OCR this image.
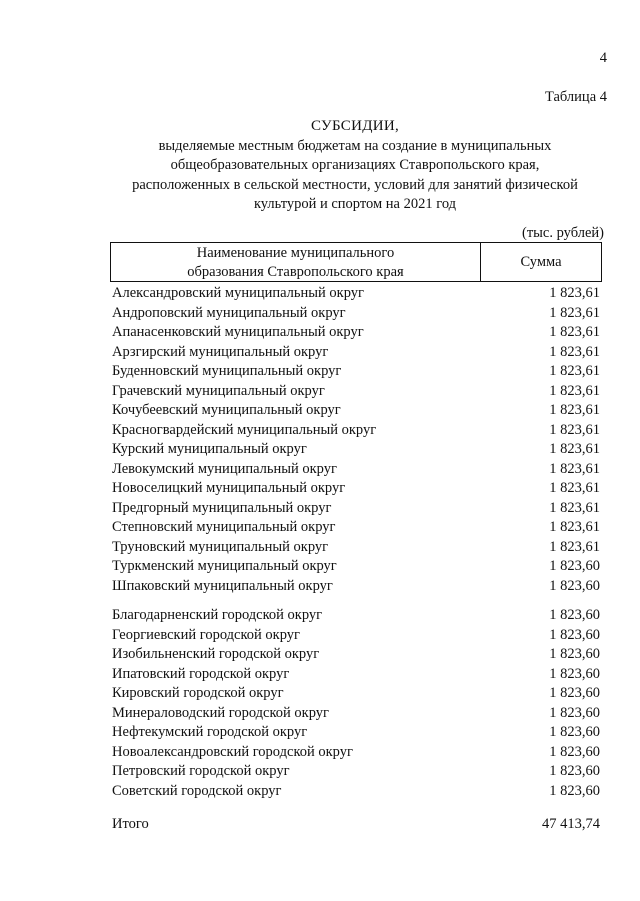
4
Таблица 4
СУБСИДИИ,
выделяемые местным бюджетам на создание в муниципальных
общеобразовательных организациях Ставропольского края,
расположенных в сельской местности, условий для занятий физической
культурой и спортом на 2021 год
(тыс. рублей)
Наименование муниципального
образования Ставропольского края
Сумма
Александровский муниципальный округ	1 823,61
Андроповский муниципальный округ	1 823,61
Апанасенковский муниципальный округ	1 823,61
Арзгирский муниципальный округ	1 823,61
Буденновский муниципальный округ	1 823,61
Грачевский муниципальный округ	1 823,61
Кочубеевский муниципальный округ	1 823,61
Красногвардейский муниципальный округ	1 823,61
Курский муниципальный округ	1 823,61
Левокумский муниципальный округ	1 823,61
Новоселицкий муниципальный округ	1 823,61
Предгорный муниципальный округ	1 823,61
Степновский муниципальный округ	1 823,61
Труновский муниципальный округ	1 823,61
Туркменский муниципальный округ	1 823,60
Шпаковский муниципальный округ	1 823,60
Благодарненский городской округ	1 823,60
Георгиевский городской округ	1 823,60
Изобильненский городской округ	1 823,60
Ипатовский городской округ	1 823,60
Кировский городской округ	1 823,60
Минераловодский городской округ	1 823,60
Нефтекумский городской округ	1 823,60
Новоалександровский городской округ	1 823,60
Петровский городской округ	1 823,60
Советский городской округ	1 823,60
Итого	47 413,74
